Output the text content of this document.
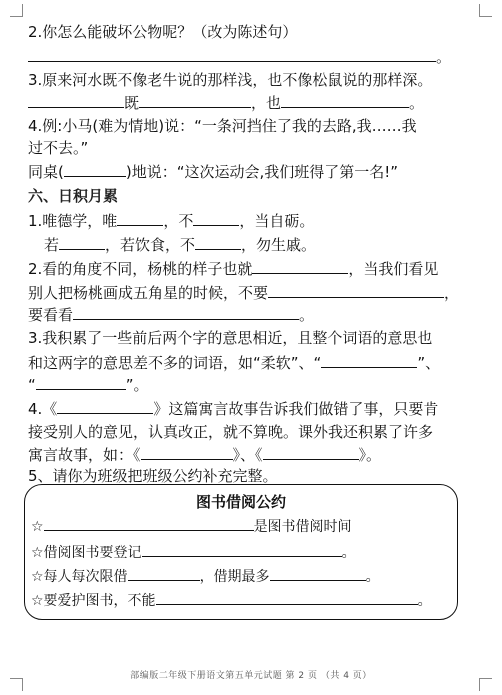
2.你怎么能破坏公物呢？（改为陈述句）
。
3.原来河水既不像老牛说的那样浅，也不像松鼠说的那样深。
既	，也	。
4.例:小马(难为情地)说：“一条河挡住了我的去路,我……我
过不去。”
同桌(	)地说：“这次运动会,我们班得了第一名!”
六、日积月累
1.唯德学，唯	，不	，当自砺。
若	，若饮食，不	，勿生戚。
2.看的角度不同，杨桃的样子也就	，当我们看见
别人把杨桃画成五角星的时候，不要	，
要看看	。
3.我积累了一些前后两个字的意思相近，且整个词语的意思也
和这两字的意思差不多的词语，如“柔软”、“	”、
“	”。
4.《	》这篇寓言故事告诉我们做错了事，只要肯
接受别人的意见，认真改正，就不算晚。课外我还积累了许多
寓言故事，如：《	》、《	》。
5、请你为班级把班级公约补充完整。
图书借阅公约
☆	是图书借阅时间
☆借阅图书要登记	。
☆每人每次限借	，借期最多	。
☆要爱护图书，不能	。
部编版二年级下册语文第五单元试题 第 2 页 （共 4 页）
